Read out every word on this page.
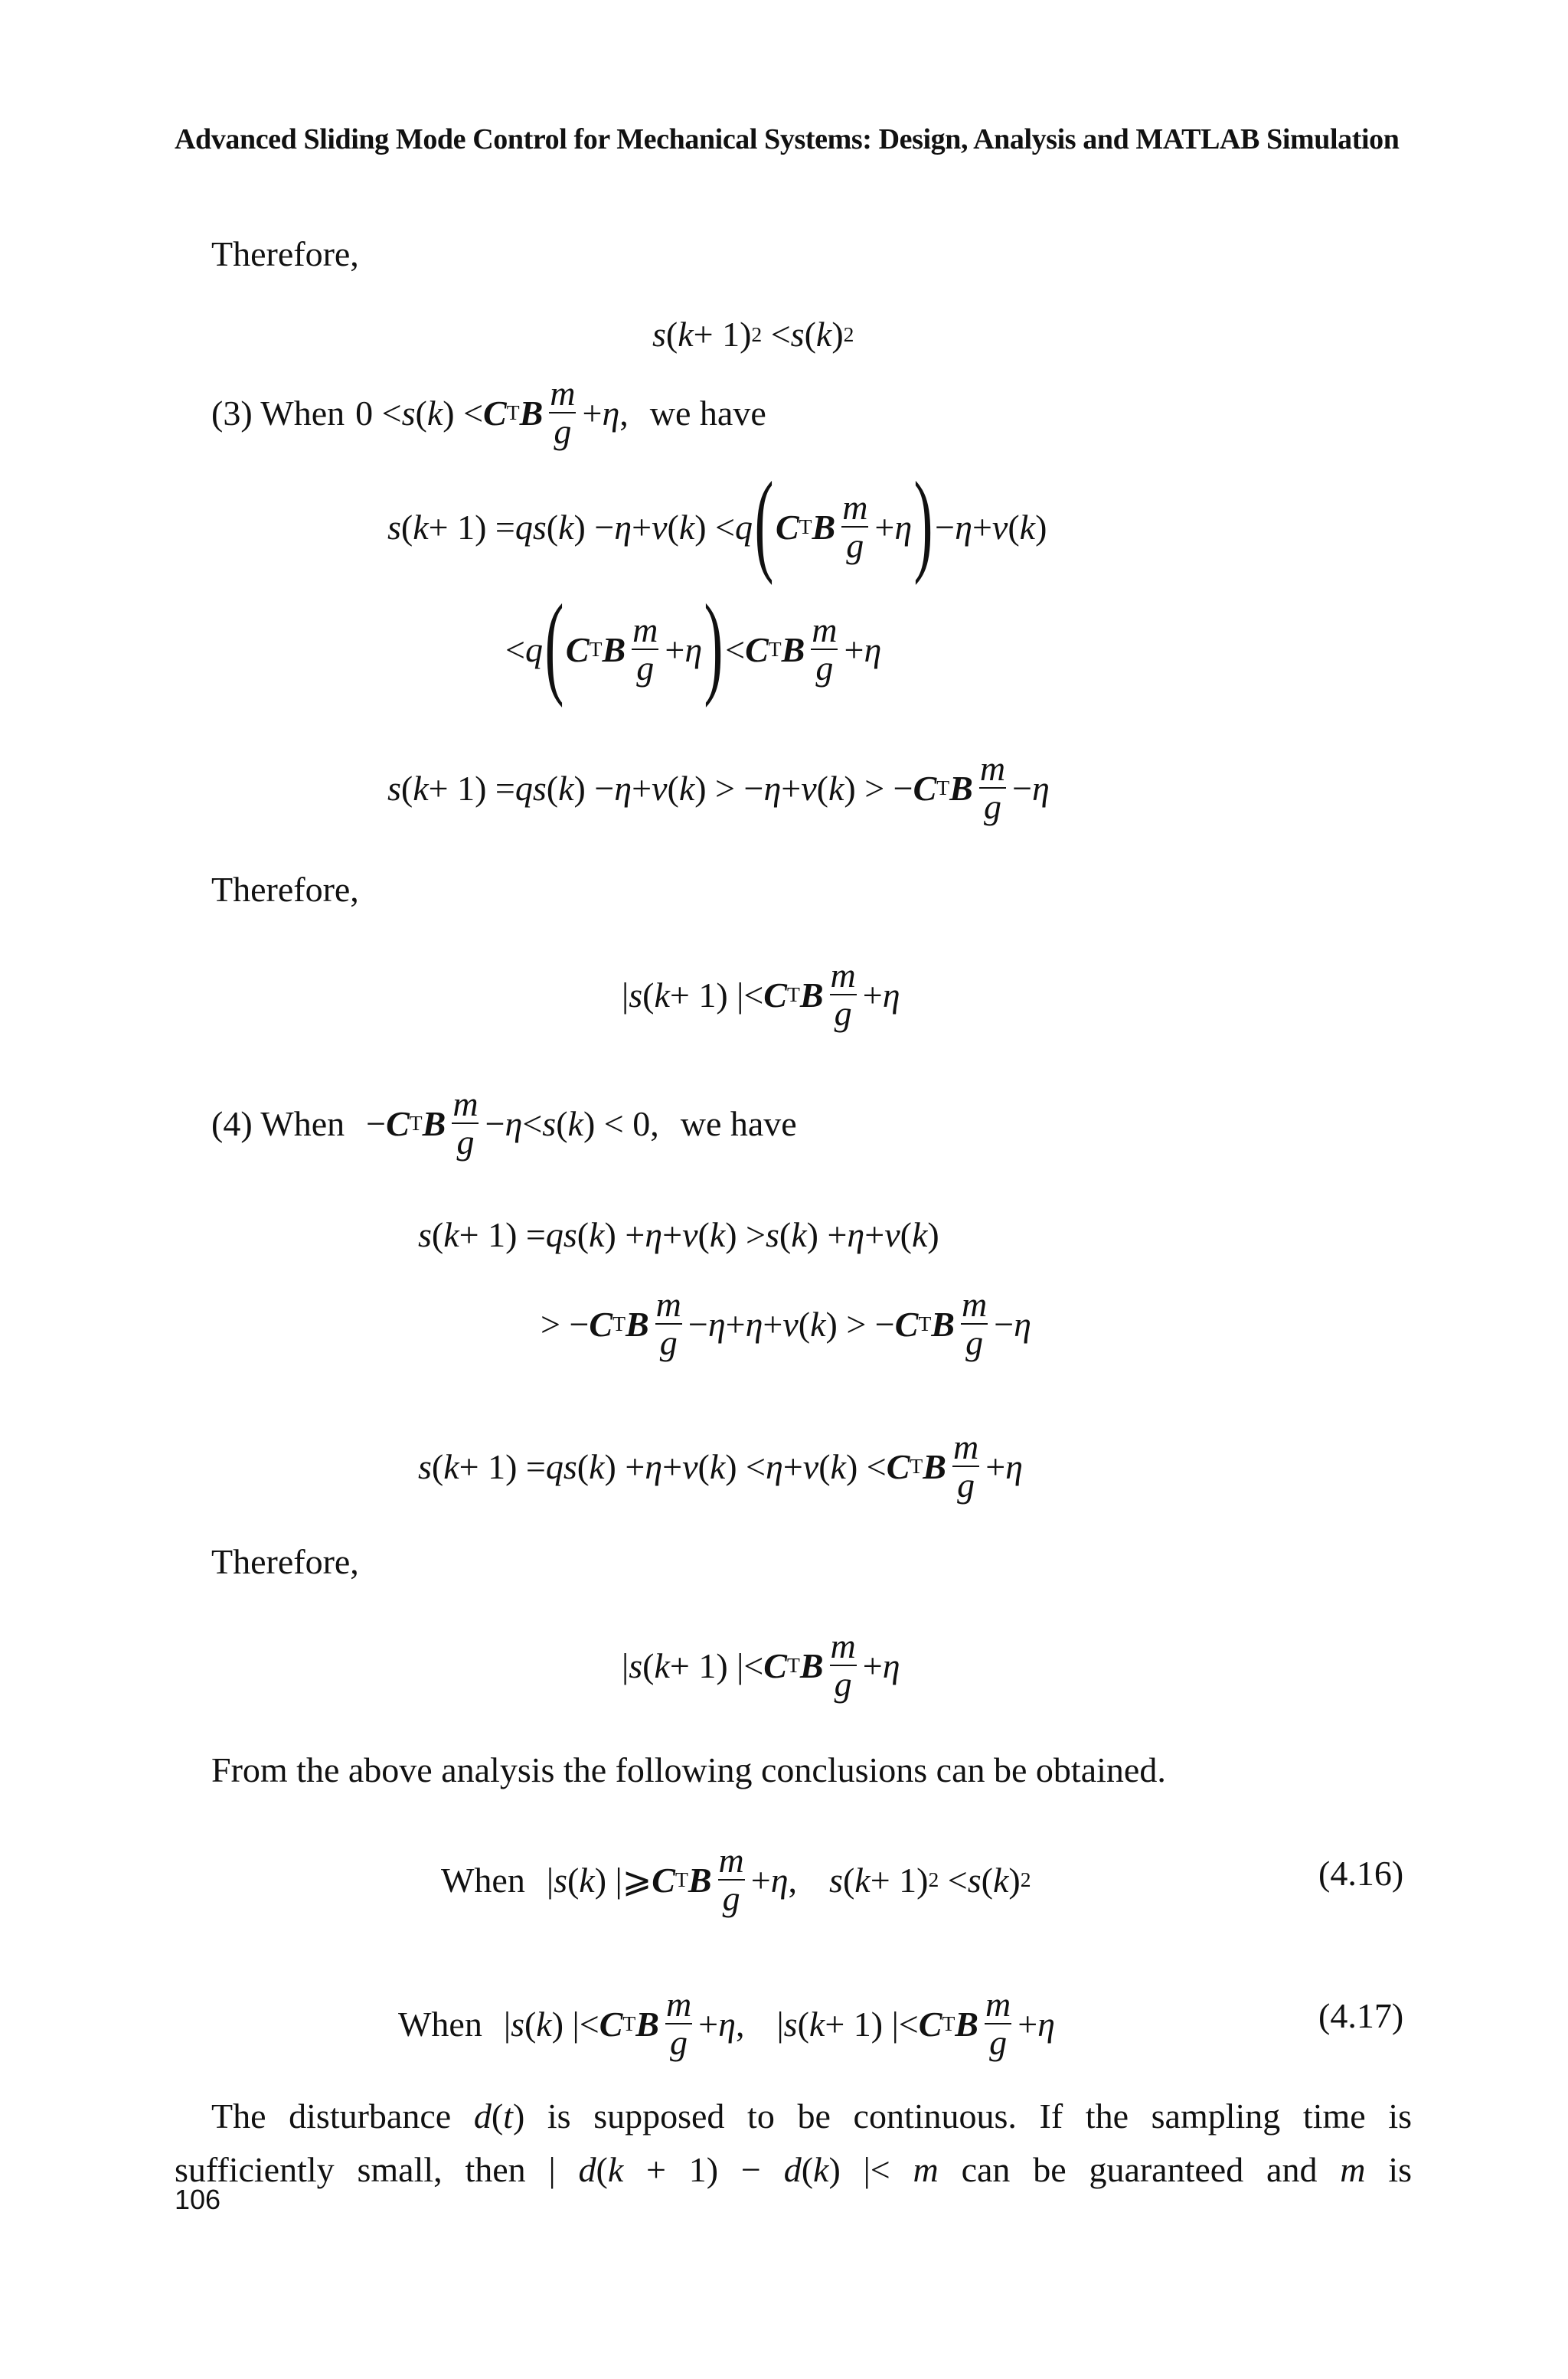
Advanced Sliding Mode Control for Mechanical Systems: Design, Analysis and MATLAB Simulation
Therefore,
s ( k + 1) 2 < s ( k ) 2
(3) When 0 < s ( k ) < C T B $\frac{m}{g} + \eta$ , we have
s ( k + 1) = qs ( k ) − η + v ( k ) < q ( C T B $\frac{m}{g} + \eta$ ) − η + v ( k )
< q ( C T B $\frac{m}{g} + \eta$ ) < C T B $\frac{m}{g} + \eta$
s ( k + 1) = qs ( k ) − η + v ( k ) > − η + v ( k ) > − C T B $\frac{m}{g} - \eta$
Therefore,
| s ( k + 1) |< C T B $\frac{m}{g} + \eta$
(4) When − C T B $\frac{m}{g} - \eta < s$ ( k ) < 0, we have
s ( k + 1) = qs ( k ) + η + v ( k ) > s ( k ) + η + v ( k )
> − C T B $\frac{m}{g} - \eta + \eta + v$ ( k ) > − C T B $\frac{m}{g} - \eta$
s ( k + 1) = qs ( k ) + η + v ( k ) < η + v ( k ) < C T B $\frac{m}{g} + \eta$
Therefore,
| s ( k + 1) |< C T B $\frac{m}{g} + \eta$
From the above analysis the following conclusions can be obtained.
When | s ( k ) |⩾ C T B $\frac{m}{g} + \eta$ , s ( k + 1) 2 < s ( k ) 2	(4.16)
When | s ( k ) |< C T B $\frac{m}{g} + \eta$ ,
| s ( k + 1) |< C T B $\frac{m}{g} + \eta$	(4.17)
The disturbance d(t) is supposed to be continuous. If the sampling time is
sufficiently small, then | d(k + 1) − d(k) |< m can be guaranteed and m is
106
